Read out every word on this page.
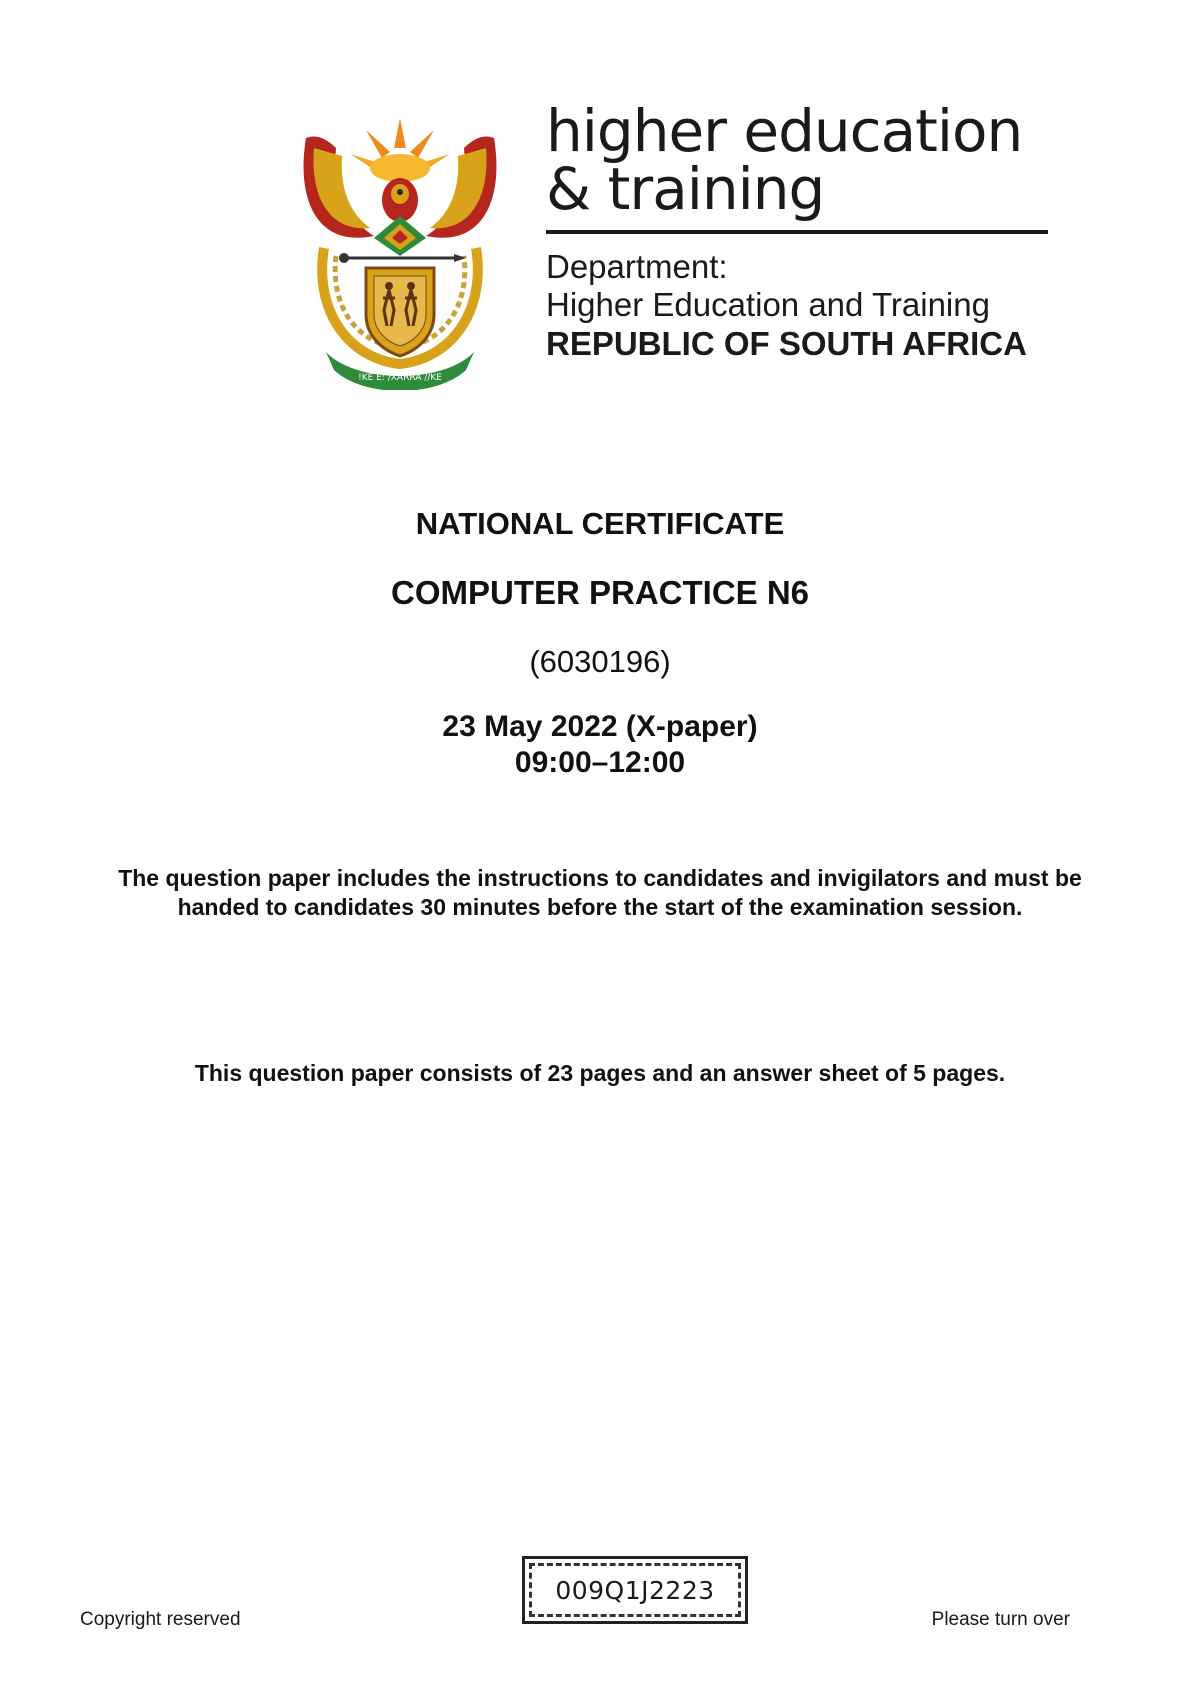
!KE E: /XARRA //KE
higher education
& training
Department:
Higher Education and Training
REPUBLIC OF SOUTH AFRICA
NATIONAL CERTIFICATE
COMPUTER PRACTICE N6
(6030196)
23 May 2022 (X-paper)
09:00–12:00
The question paper includes the instructions to candidates and invigilators and must be
handed to candidates 30 minutes before the start of the examination session.
This question paper consists of 23 pages and an answer sheet of 5 pages.
Copyright reserved
009Q1J2223
Please turn over
